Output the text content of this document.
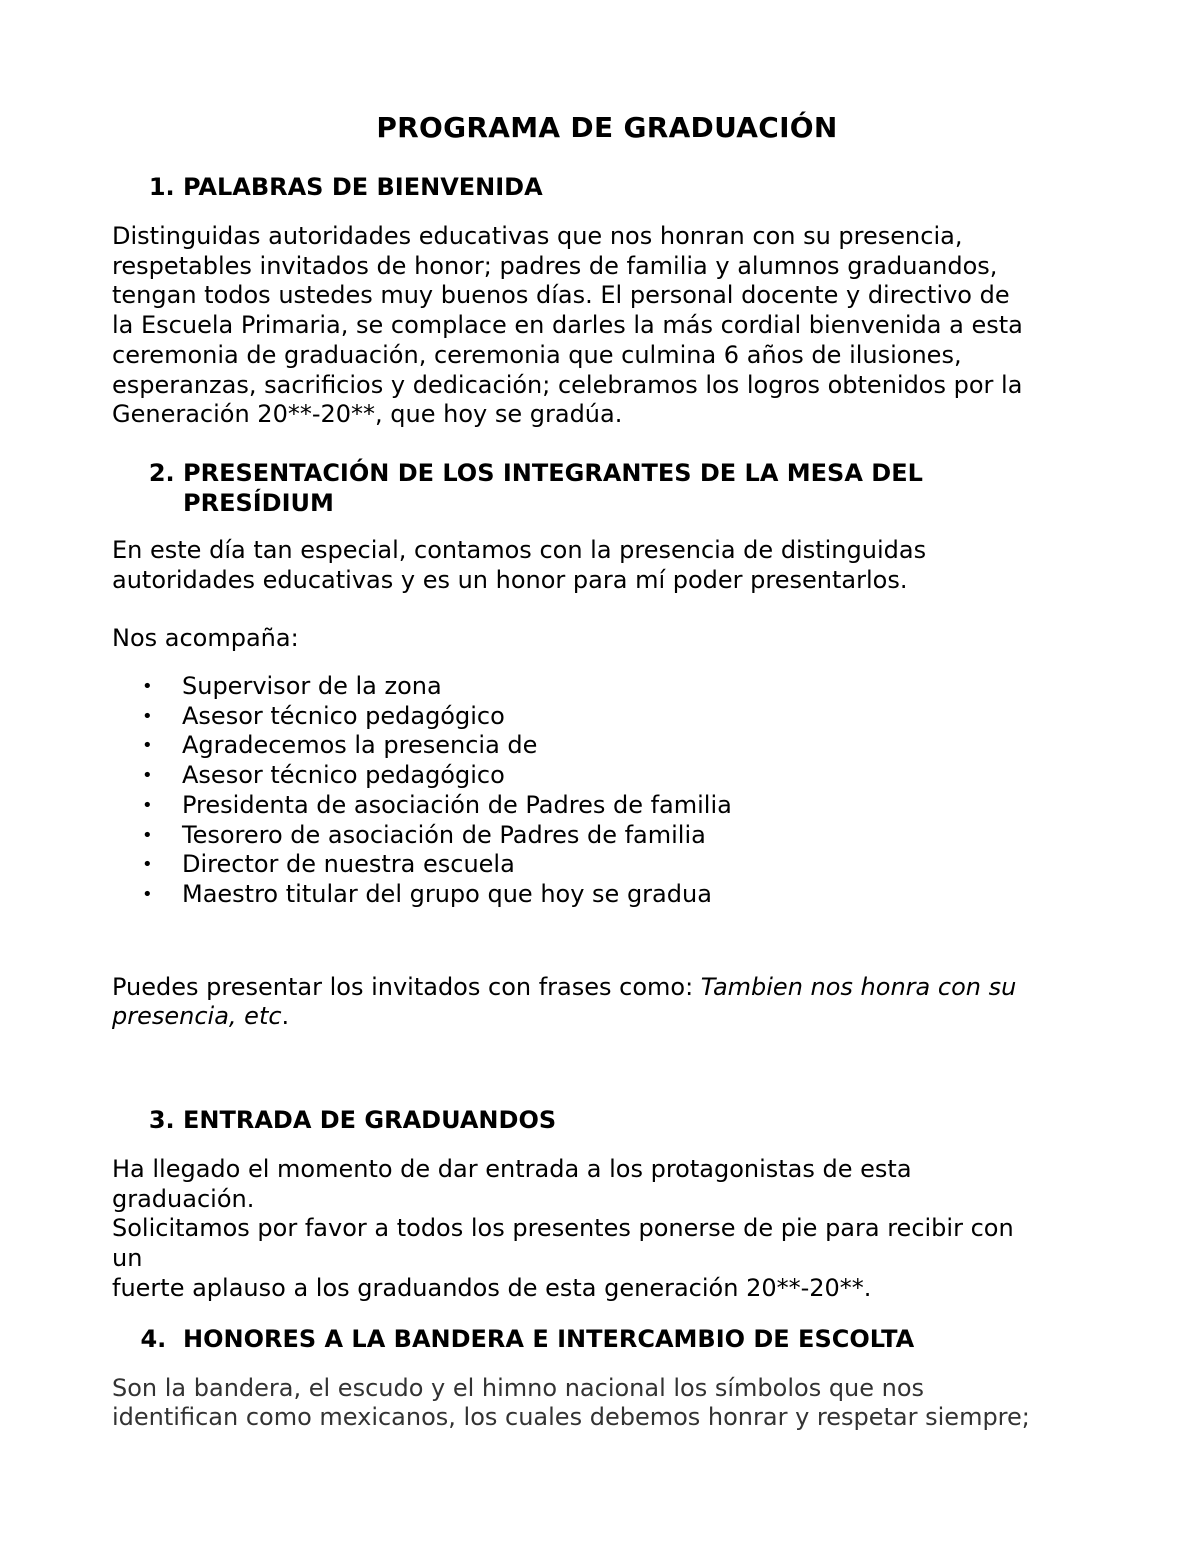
PROGRAMA DE GRADUACIÓN
1. PALABRAS DE BIENVENIDA
Distinguidas autoridades educativas que nos honran con su presencia,
respetables invitados de honor; padres de familia y alumnos graduandos,
tengan todos ustedes muy buenos días. El personal docente y directivo de
la Escuela Primaria, se complace en darles la más cordial bienvenida a esta
ceremonia de graduación, ceremonia que culmina 6 años de ilusiones,
esperanzas, sacrificios y dedicación; celebramos los logros obtenidos por la
Generación 20**-20**, que hoy se gradúa.
2. PRESENTACIÓN DE LOS INTEGRANTES DE LA MESA DEL
PRESÍDIUM
En este día tan especial, contamos con la presencia de distinguidas
autoridades educativas y es un honor para mí poder presentarlos.
Nos acompaña:
•	Supervisor de la zona
•	Asesor técnico pedagógico
•	Agradecemos la presencia de
•	Asesor técnico pedagógico
•	Presidenta de asociación de Padres de familia
•	Tesorero de asociación de Padres de familia
•	Director de nuestra escuela
•	Maestro titular del grupo que hoy se gradua
Puedes presentar los invitados con frases como: Tambien nos honra con su
presencia, etc.
3. ENTRADA DE GRADUANDOS
Ha llegado el momento de dar entrada a los protagonistas de esta
graduación.
Solicitamos por favor a todos los presentes ponerse de pie para recibir con
un
fuerte aplauso a los graduandos de esta generación 20**-20**.
4. HONORES A LA BANDERA E INTERCAMBIO DE ESCOLTA
Son la bandera, el escudo y el himno nacional los símbolos que nos
identifican como mexicanos, los cuales debemos honrar y respetar siempre;
